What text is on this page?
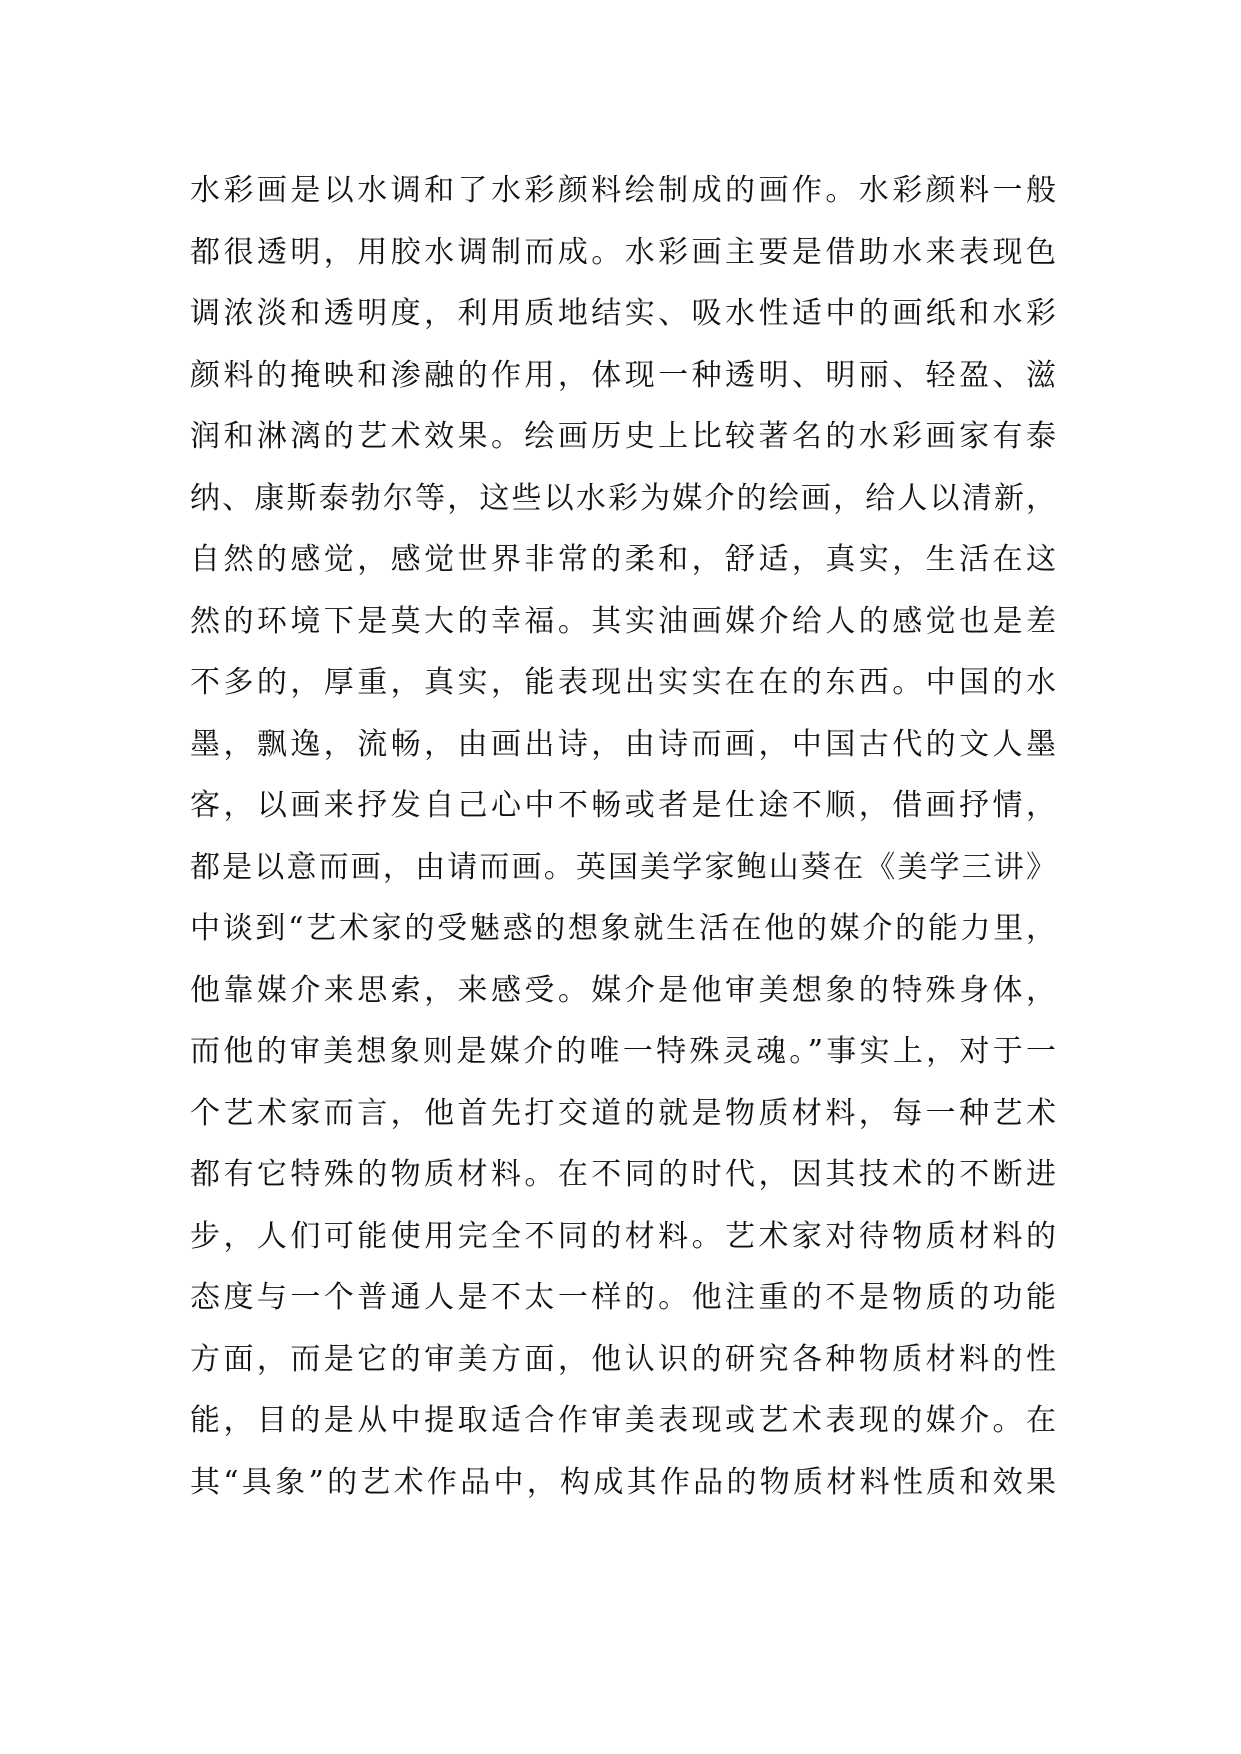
水彩画是以水调和了水彩颜料绘制成的画作。水彩颜料一般
都很透明，用胶水调制而成。水彩画主要是借助水来表现色
调浓淡和透明度，利用质地结实、吸水性适中的画纸和水彩
颜料的掩映和渗融的作用，体现一种透明、明丽、轻盈、滋
润和淋漓的艺术效果。绘画历史上比较著名的水彩画家有泰
纳、康斯泰勃尔等，这些以水彩为媒介的绘画，给人以清新，
自然的感觉，感觉世界非常的柔和，舒适，真实，生活在这
然的环境下是莫大的幸福。其实油画媒介给人的感觉也是差
不多的，厚重，真实，能表现出实实在在的东西。中国的水
墨，飘逸，流畅，由画出诗，由诗而画，中国古代的文人墨
客，以画来抒发自己心中不畅或者是仕途不顺，借画抒情，
都是以意而画，由请而画。英国美学家鲍山葵在《美学三讲》
中谈到“艺术家的受魅惑的想象就生活在他的媒介的能力里，
他靠媒介来思索，来感受。媒介是他审美想象的特殊身体，
而他的审美想象则是媒介的唯一特殊灵魂。”事实上，对于一
个艺术家而言，他首先打交道的就是物质材料，每一种艺术
都有它特殊的物质材料。在不同的时代，因其技术的不断进
步，人们可能使用完全不同的材料。艺术家对待物质材料的
态度与一个普通人是不太一样的。他注重的不是物质的功能
方面，而是它的审美方面，他认识的研究各种物质材料的性
能，目的是从中提取适合作审美表现或艺术表现的媒介。在
其“具象”的艺术作品中，构成其作品的物质材料性质和效果
